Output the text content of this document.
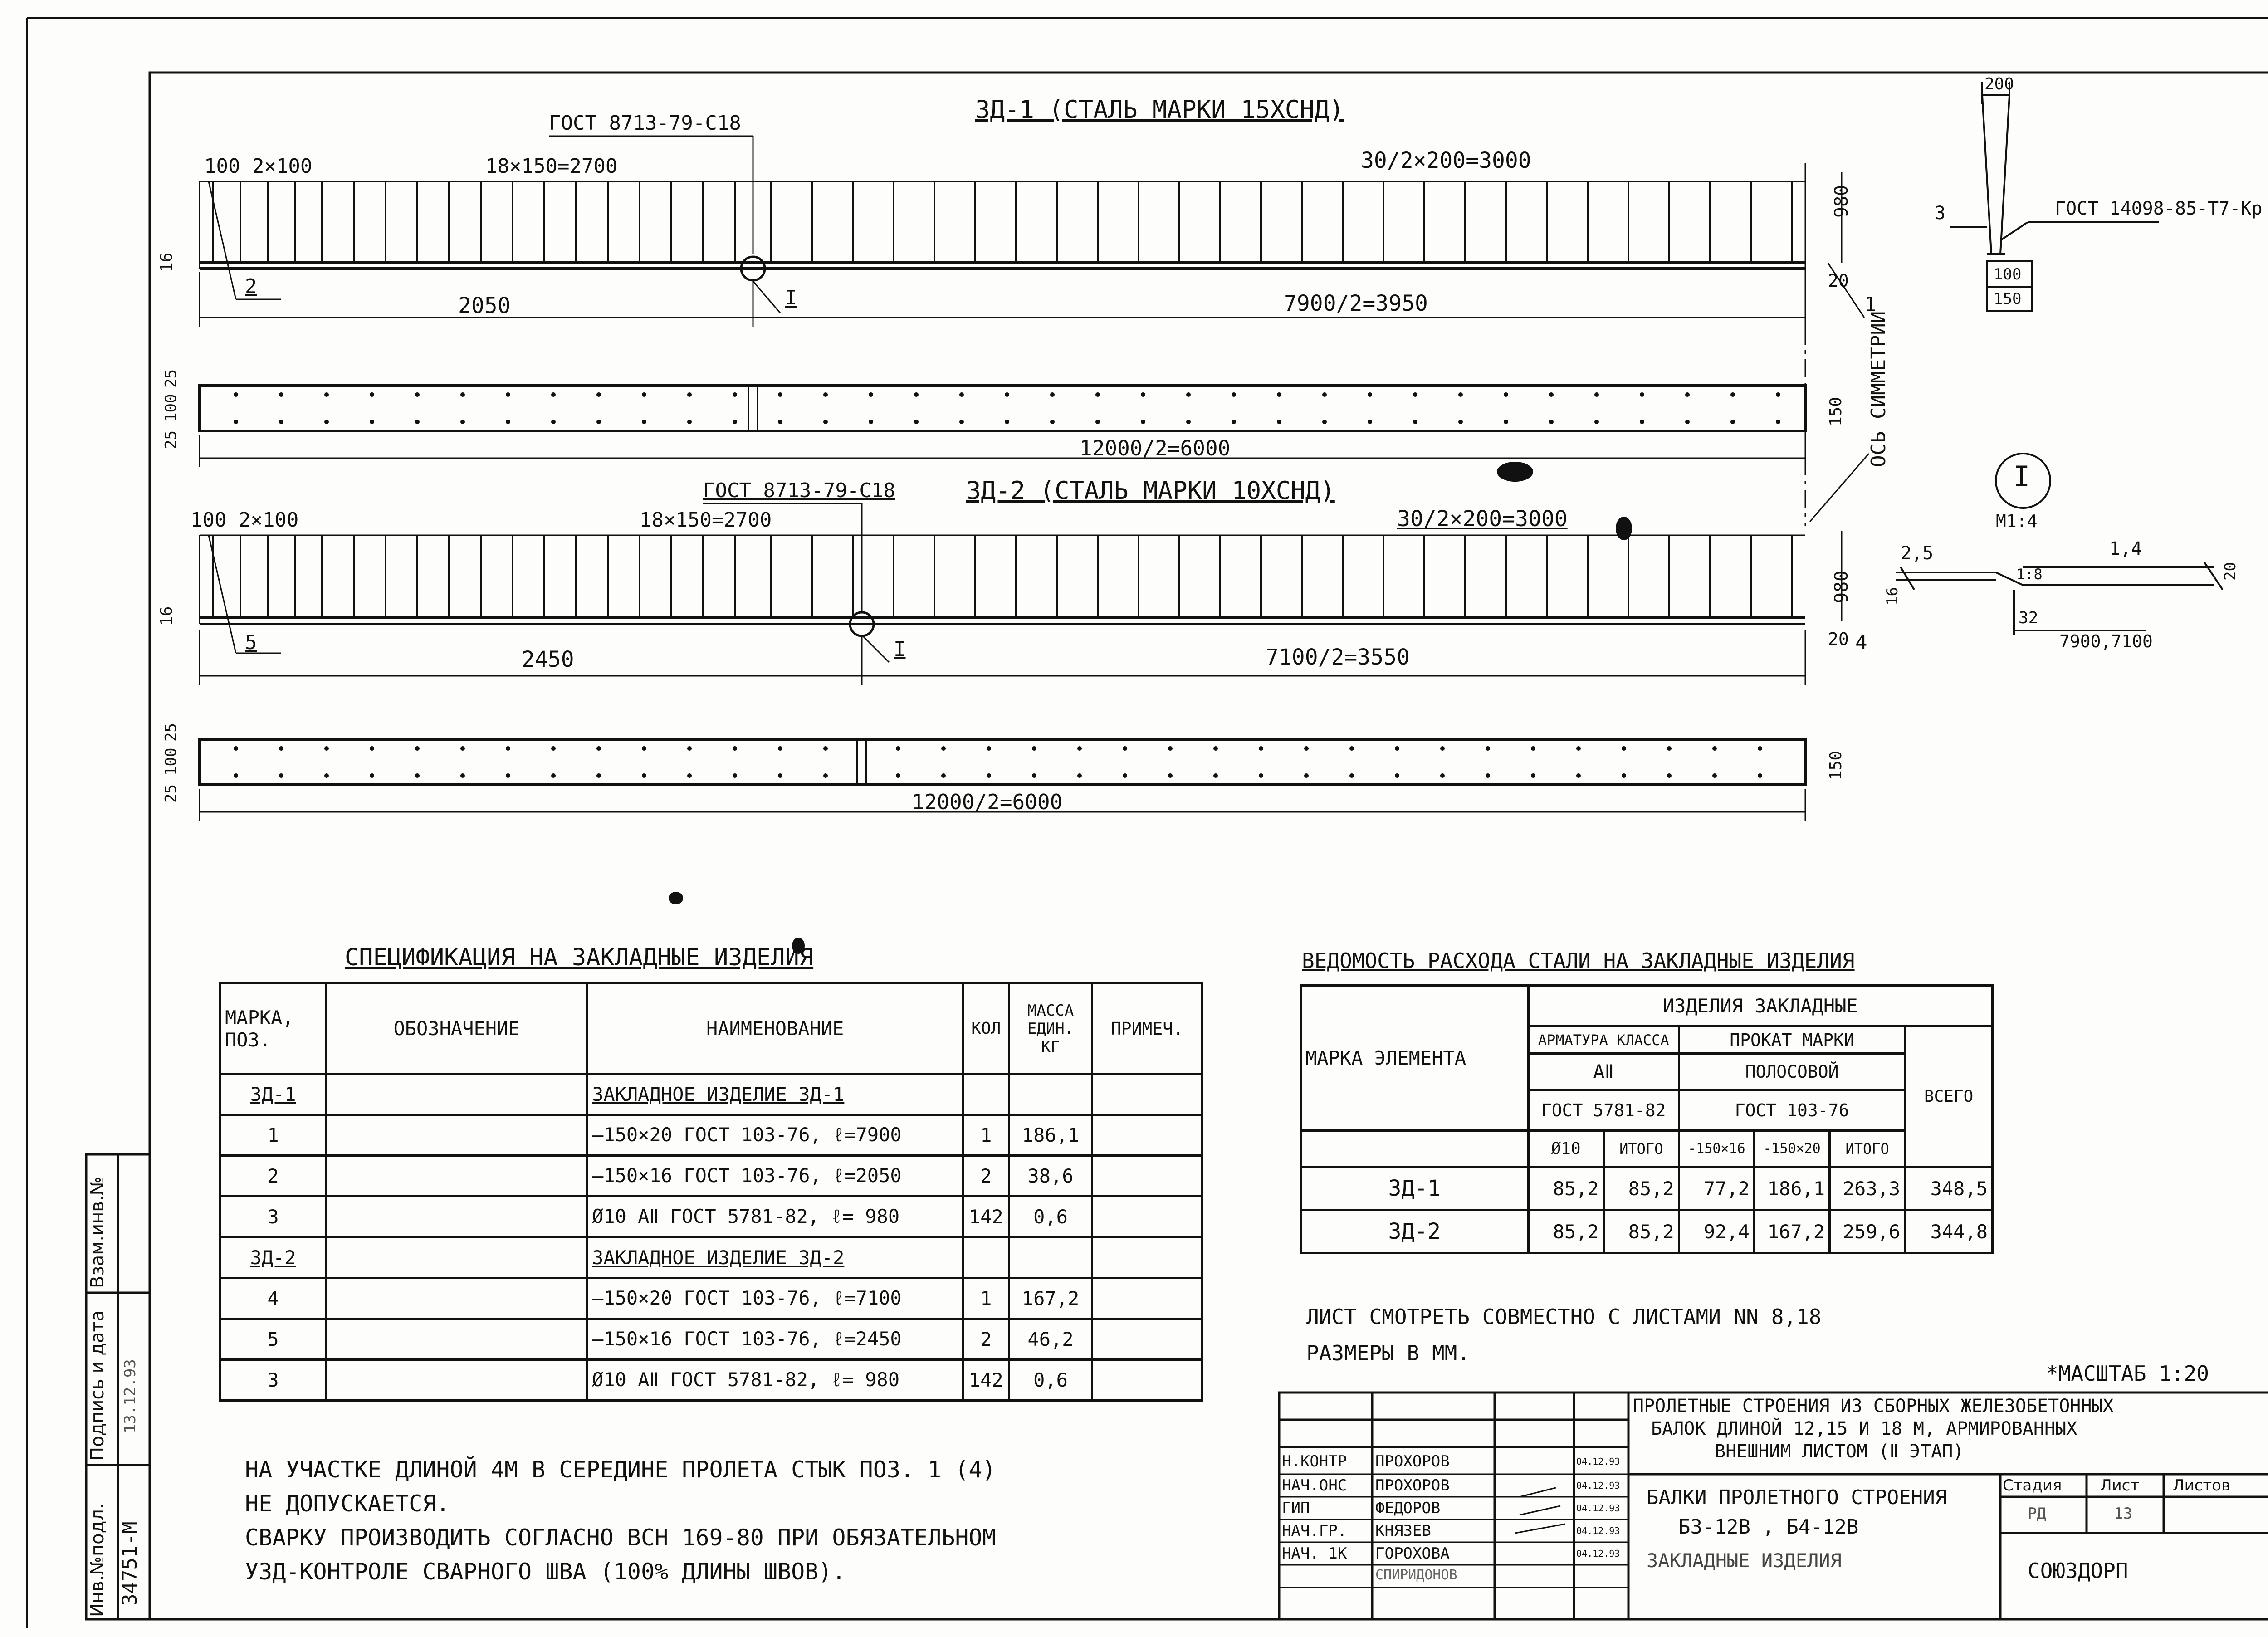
ЗД-1 (СТАЛЬ МАРКИ 15ХСНД)
ГОСТ 8713-79-С18
100 2×100	18×150=2700	30/2×200=3000
2050	7900/2=3950
980
16
20
2
1
I
25
100
25
150
12000/2=6000	ОСЬ СИММЕТРИИ
ЗД-2 (СТАЛЬ МАРКИ 10ХСНД)
ГОСТ 8713-79-С18
100 2×100	18×150=2700	30/2×200=3000
2450	7100/2=3550
980
16
20
5	4
I
25
100
25
150
12000/2=6000
200
3	ГОСТ 14098-85-Т7-Кр
100
150
I
М1:4
2,5	1,4
1:8
32
7900,7100
16
20
СПЕЦИФИКАЦИЯ НА ЗАКЛАДНЫЕ ИЗДЕЛИЯ
МАРКА, ПОЗ.	ОБОЗНАЧЕНИЕ	НАИМЕНОВАНИЕ	КОЛ	МАССА ЕДИН. КГ	ПРИМЕЧ.
ЗД-1		ЗАКЛАДНОЕ ИЗДЕЛИЕ ЗД-1			
1		—150×20 ГОСТ 103-76, ℓ=7900	1	186,1	
2		—150×16 ГОСТ 103-76, ℓ=2050	2	38,6	
3		Ø10 АⅡ ГОСТ 5781-82, ℓ= 980	142	0,6	
ЗД-2		ЗАКЛАДНОЕ ИЗДЕЛИЕ ЗД-2			
4		—150×20 ГОСТ 103-76, ℓ=7100	1	167,2	
5		—150×16 ГОСТ 103-76, ℓ=2450	2	46,2	
3		Ø10 АⅡ ГОСТ 5781-82, ℓ= 980	142	0,6	
ВЕДОМОСТЬ РАСХОДА СТАЛИ НА ЗАКЛАДНЫЕ ИЗДЕЛИЯ
МАРКА ЭЛЕМЕНТА	ИЗДЕЛИЯ ЗАКЛАДНЫЕ					
	АРМАТУРА КЛАССА		ПРОКАТ МАРКИ			ВСЕГО
	АⅡ		ПОЛОСОВОЙ			
	ГОСТ 5781-82		ГОСТ 103-76			
	Ø10	ИТОГО	-150×16	-150×20	ИТОГО	
ЗД-1	85,2	85,2	77,2	186,1	263,3	348,5
ЗД-2	85,2	85,2	92,4	167,2	259,6	344,8
ЛИСТ СМОТРЕТЬ СОВМЕСТНО С ЛИСТАМИ NN 8,18
РАЗМЕРЫ В ММ.
*МАСШТАБ 1:20
НА УЧАСТКЕ ДЛИНОЙ 4М В СЕРЕДИНЕ ПРОЛЕТА СТЫК ПОЗ. 1 (4)
НЕ ДОПУСКАЕТСЯ.
СВАРКУ ПРОИЗВОДИТЬ СОГЛАСНО ВСН 169-80 ПРИ ОБЯЗАТЕЛЬНОМ
УЗД-КОНТРОЛЕ СВАРНОГО ШВА (100% ДЛИНЫ ШВОВ).
ПРОЛЕТНЫЕ СТРОЕНИЯ ИЗ СБОРНЫХ ЖЕЛЕЗОБЕТОННЫХ
БАЛОК ДЛИНОЙ 12,15 И 18 М, АРМИРОВАННЫХ
ВНЕШНИМ ЛИСТОМ (Ⅱ ЭТАП)
БАЛКИ ПРОЛЕТНОГО СТРОЕНИЯ
Б3-12В , Б4-12В
ЗАКЛАДНЫЕ ИЗДЕЛИЯ
Стадия Лист Листов
РД	13
СОЮЗДОРП
Н.КОНТР ПРОХОРОВ	04.12.93
НАЧ.ОНС ПРОХОРОВ	04.12.93
ГИП	ФЕДОРОВ	04.12.93
НАЧ.ГР. КНЯЗЕВ	04.12.93
НАЧ. 1К ГОРОХОВА	04.12.93
СПИРИДОНОВ
Инв.№подл. 34751-М
Подпись и дата 13.12.93
Взам.инв.№
